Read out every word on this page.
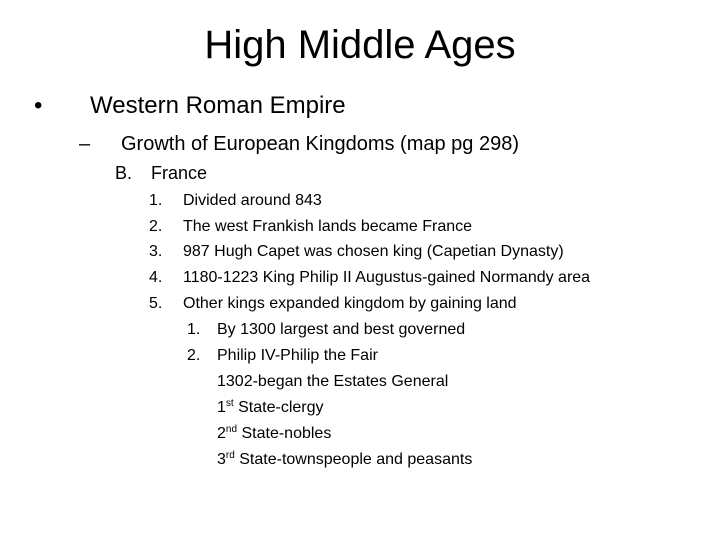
High Middle Ages
• Western Roman Empire
– Growth of European Kingdoms (map pg 298)
B. France
1. Divided around 843
2. The west Frankish lands became France
3. 987 Hugh Capet was chosen king (Capetian Dynasty)
4. 1180-1223 King Philip II Augustus-gained Normandy area
5. Other kings expanded kingdom by gaining land
1. By 1300 largest and best governed
2. Philip IV-Philip the Fair
1302-began the Estates General
1st State-clergy
2nd State-nobles
3rd State-townspeople and peasants
